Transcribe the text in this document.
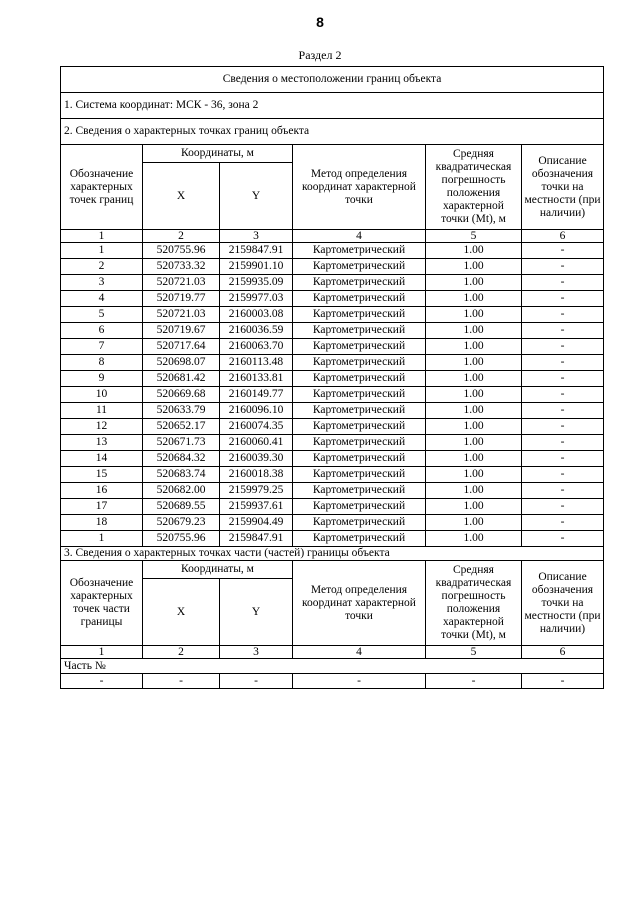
8
Раздел 2
Сведения о местоположении границ объекта					
1. Система координат: МСК - 36, зона 2					
2. Сведения о характерных точках границ объекта					
Обозначение характерных точек границ	Координаты, м		Метод определения координат характерной точки	Средняя квадратическая погрешность положения характерной точки (Mt), м	Описание обозначения точки на местности (при наличии)
	X	Y			
1	2	3	4	5	6
1	520755.96	2159847.91	Картометрический	1.00	-
2	520733.32	2159901.10	Картометрический	1.00	-
3	520721.03	2159935.09	Картометрический	1.00	-
4	520719.77	2159977.03	Картометрический	1.00	-
5	520721.03	2160003.08	Картометрический	1.00	-
6	520719.67	2160036.59	Картометрический	1.00	-
7	520717.64	2160063.70	Картометрический	1.00	-
8	520698.07	2160113.48	Картометрический	1.00	-
9	520681.42	2160133.81	Картометрический	1.00	-
10	520669.68	2160149.77	Картометрический	1.00	-
11	520633.79	2160096.10	Картометрический	1.00	-
12	520652.17	2160074.35	Картометрический	1.00	-
13	520671.73	2160060.41	Картометрический	1.00	-
14	520684.32	2160039.30	Картометрический	1.00	-
15	520683.74	2160018.38	Картометрический	1.00	-
16	520682.00	2159979.25	Картометрический	1.00	-
17	520689.55	2159937.61	Картометрический	1.00	-
18	520679.23	2159904.49	Картометрический	1.00	-
1	520755.96	2159847.91	Картометрический	1.00	-
3. Сведения о характерных точках части (частей) границы объекта					
Обозначение характерных точек части границы	Координаты, м		Метод определения координат характерной точки	Средняя квадратическая погрешность положения характерной точки (Mt), м	Описание обозначения точки на местности (при наличии)
	X	Y			
1	2	3	4	5	6
Часть №					
-	-	-	-	-	-
